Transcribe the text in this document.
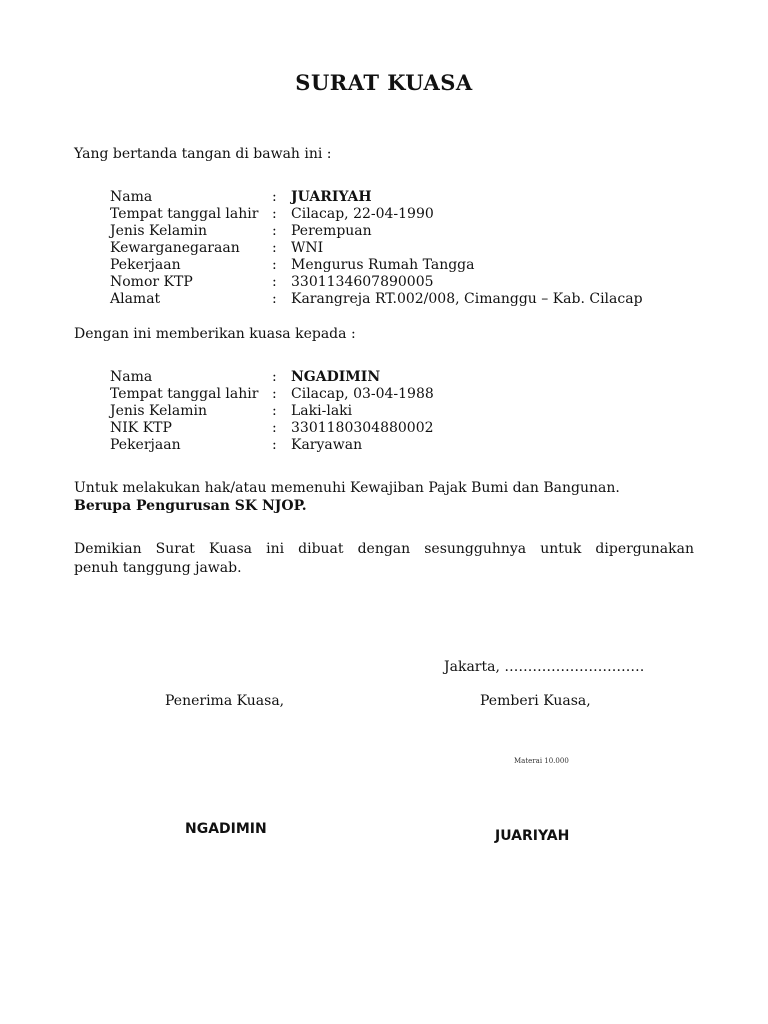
SURAT KUASA
Yang bertanda tangan di bawah ini :
Nama	:	JUARIYAH
Tempat tanggal lahir	:	Cilacap, 22-04-1990
Jenis Kelamin	:	Perempuan
Kewarganegaraan	:	WNI
Pekerjaan	:	Mengurus Rumah Tangga
Nomor KTP	:	3301134607890005
Alamat	:	Karangreja RT.002/008, Cimanggu – Kab. Cilacap
Dengan ini memberikan kuasa kepada :
Nama	:	NGADIMIN
Tempat tanggal lahir	:	Cilacap, 03-04-1988
Jenis Kelamin	:	Laki-laki
NIK KTP	:	3301180304880002
Pekerjaan	:	Karyawan
Untuk melakukan hak/atau memenuhi Kewajiban Pajak Bumi dan Bangunan.
Berupa Pengurusan SK NJOP.
Demikian Surat Kuasa ini dibuat dengan sesungguhnya untuk dipergunakan
penuh tanggung jawab.
Jakarta, …………………………
Penerima Kuasa,	Pemberi Kuasa,
Materai 10.000
NGADIMIN	JUARIYAH
